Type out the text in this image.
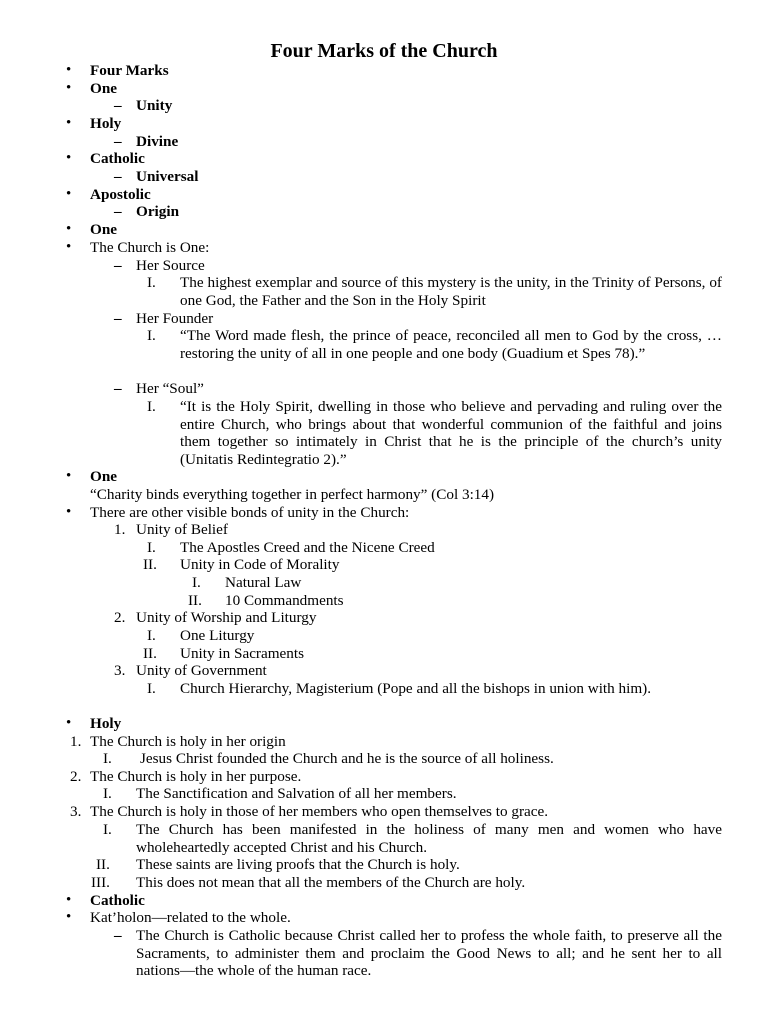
Four Marks of the Church
• Four Marks
• One
– Unity
• Holy
– Divine
• Catholic
– Universal
• Apostolic
– Origin
• One
• The Church is One:
– Her Source
I. The highest exemplar and source of this mystery is the unity, in the Trinity of Persons, of one God, the Father and the Son in the Holy Spirit
– Her Founder
I. “The Word made flesh, the prince of peace, reconciled all men to God by the cross, … restoring the unity of all in one people and one body (Guadium et Spes 78).”
– Her “Soul”
I. “It is the Holy Spirit, dwelling in those who believe and pervading and ruling over the entire Church, who brings about that wonderful communion of the faithful and joins them together so intimately in Christ that he is the principle of the church’s unity (Unitatis Redintegratio 2).”
• One
“Charity binds everything together in perfect harmony” (Col 3:14)
• There are other visible bonds of unity in the Church:
1. Unity of Belief
I. The Apostles Creed and the Nicene Creed
II. Unity in Code of Morality
I. Natural Law
II. 10 Commandments
2. Unity of Worship and Liturgy
I. One Liturgy
II. Unity in Sacraments
3. Unity of Government
I. Church Hierarchy, Magisterium (Pope and all the bishops in union with him).
• Holy
1. The Church is holy in her origin
I. Jesus Christ founded the Church and he is the source of all holiness.
2. The Church is holy in her purpose.
I. The Sanctification and Salvation of all her members.
3. The Church is holy in those of her members who open themselves to grace.
I. The Church has been manifested in the holiness of many men and women who have wholeheartedly accepted Christ and his Church.
II. These saints are living proofs that the Church is holy.
III. This does not mean that all the members of the Church are holy.
• Catholic
• Kat’holon—related to the whole.
– The Church is Catholic because Christ called her to profess the whole faith, to preserve all the Sacraments, to administer them and proclaim the Good News to all; and he sent her to all nations—the whole of the human race.
